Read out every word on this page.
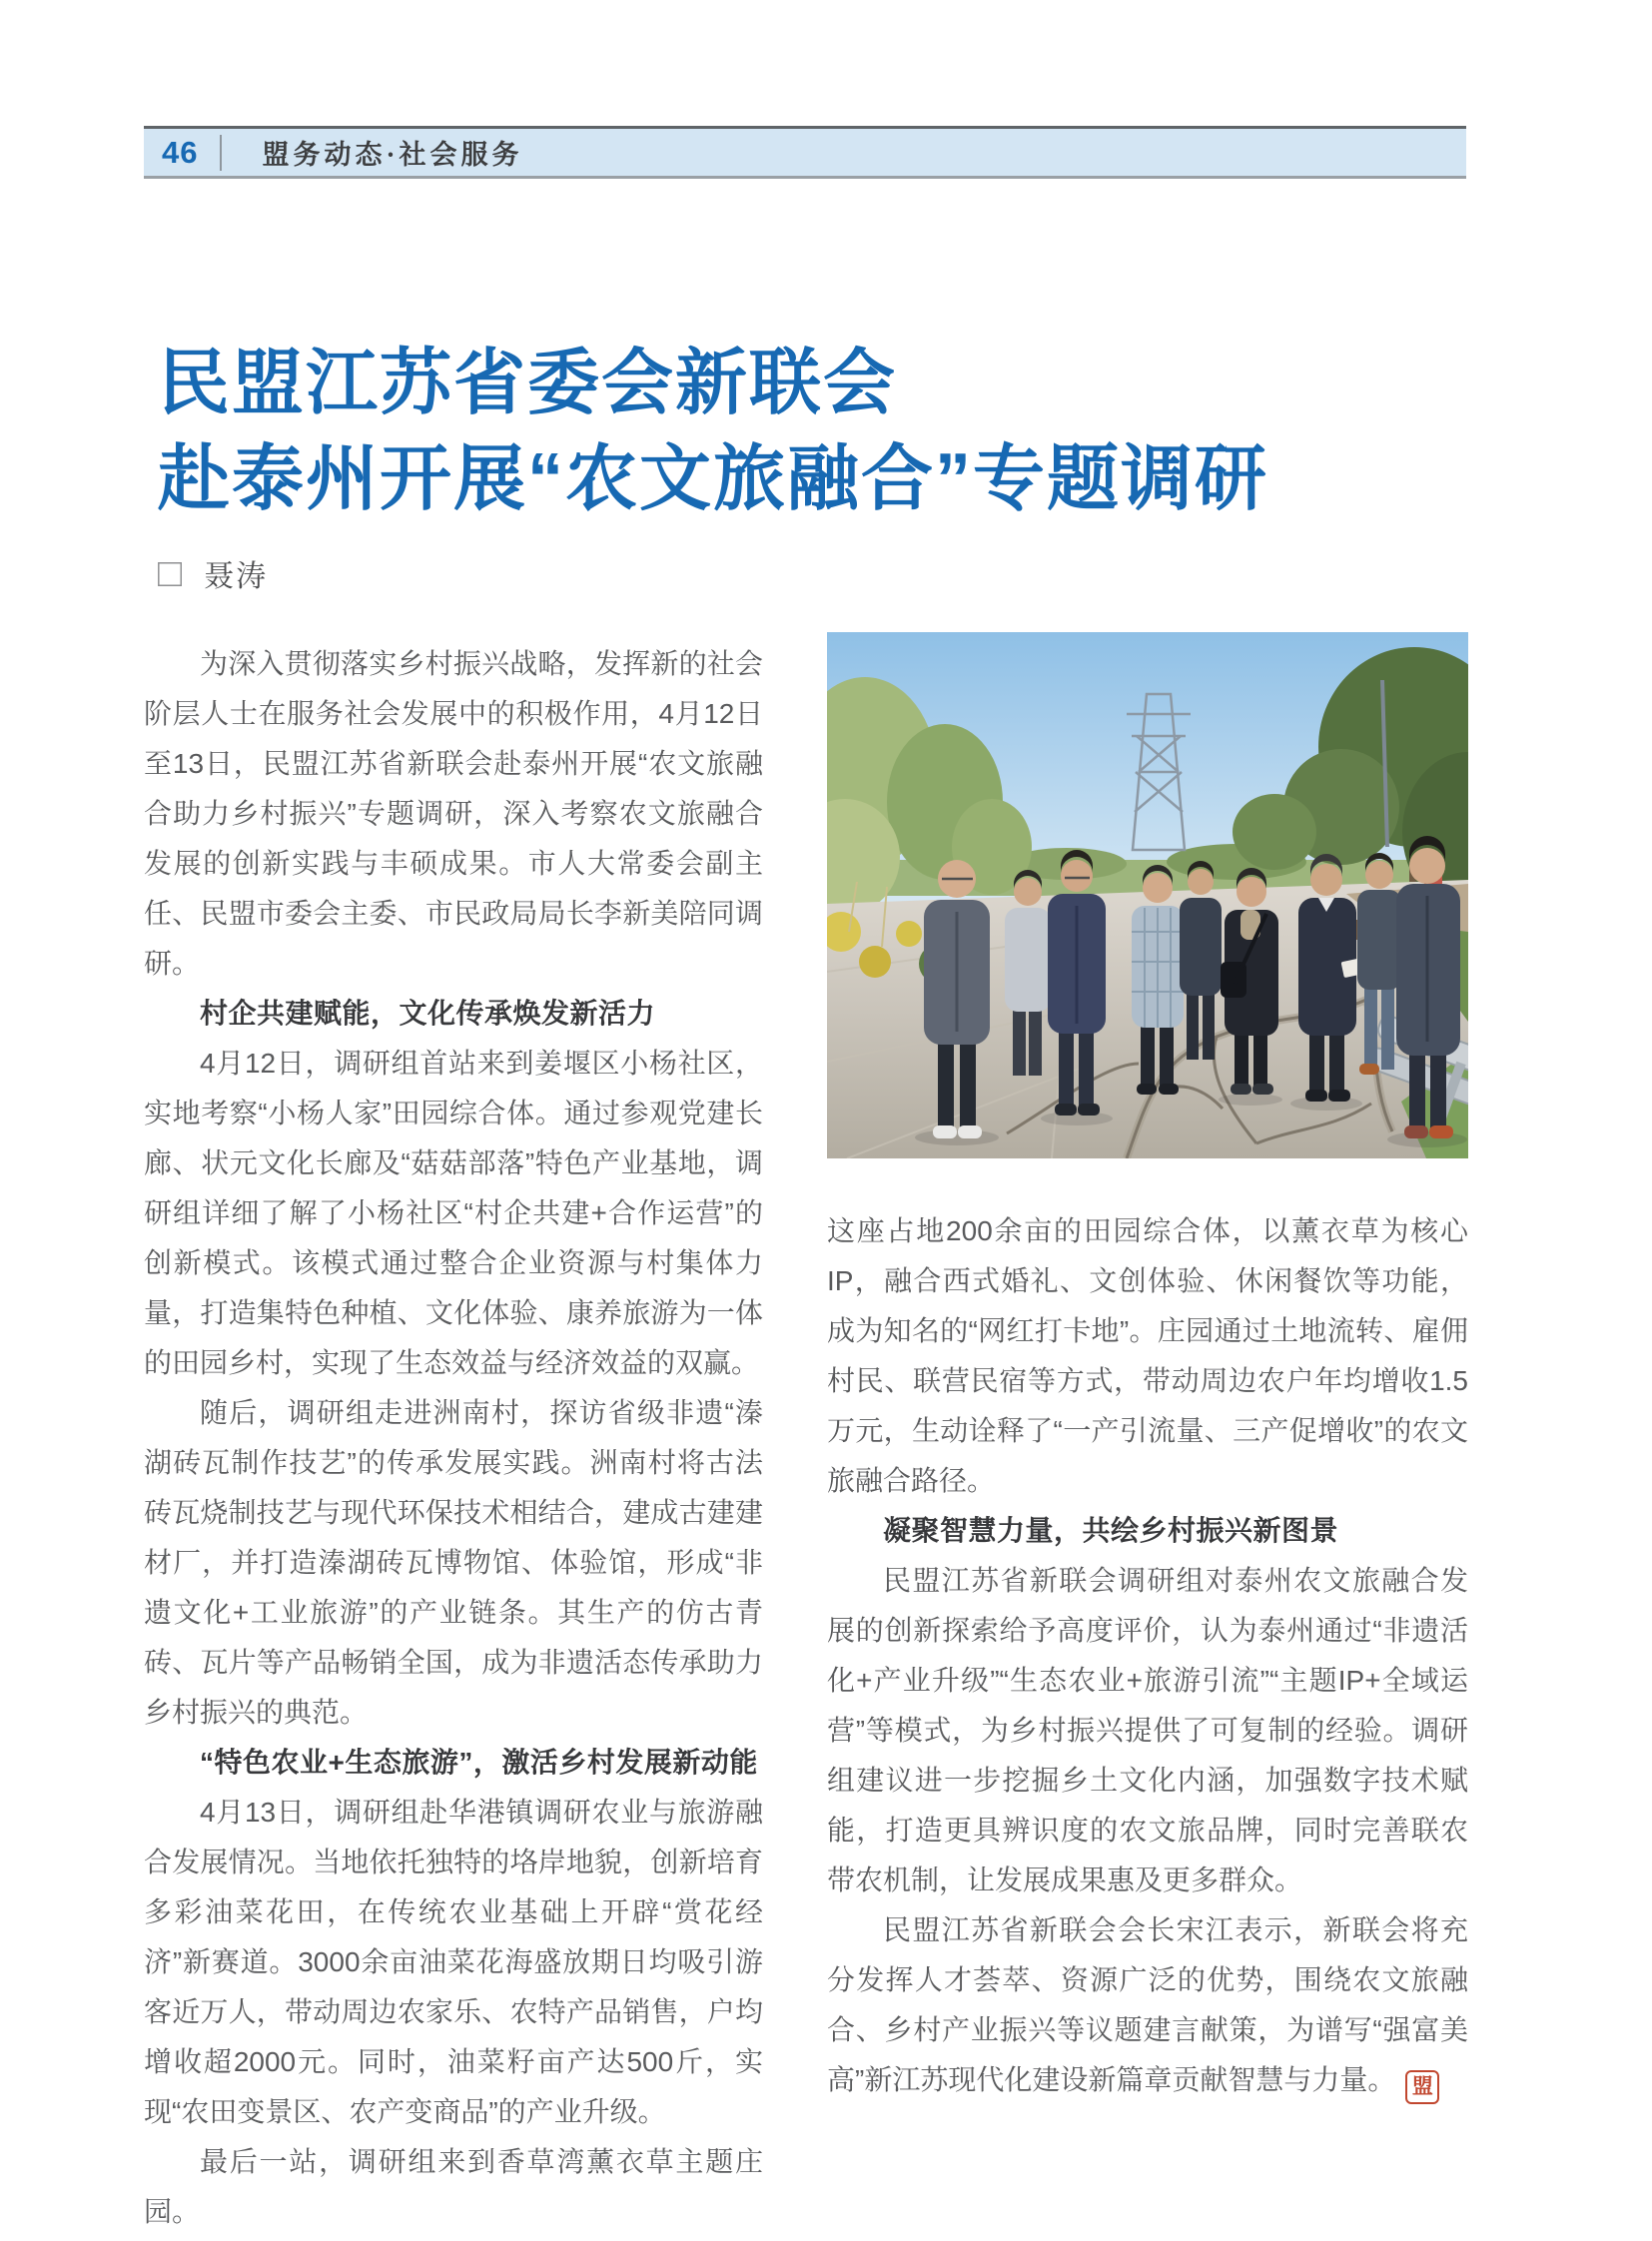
46 盟务动态·社会服务
民盟江苏省委会新联会
赴泰州开展“农文旅融合”专题调研
□ 聂涛

为深入贯彻落实乡村振兴战略，发挥新的社会阶层人士在服务社会发展中的积极作用，4月12日至13日，民盟江苏省新联会赴泰州开展“农文旅融合助力乡村振兴”专题调研，深入考察农文旅融合发展的创新实践与丰硕成果。市人大常委会副主任、民盟市委会主委、市民政局局长李新美陪同调研。

村企共建赋能，文化传承焕发新活力

4月12日，调研组首站来到姜堰区小杨社区，实地考察“小杨人家”田园综合体。通过参观党建长廊、状元文化长廊及“菇菇部落”特色产业基地，调研组详细了解了小杨社区“村企共建+合作运营”的创新模式。该模式通过整合企业资源与村集体力量，打造集特色种植、文化体验、康养旅游为一体的田园乡村，实现了生态效益与经济效益的双赢。

随后，调研组走进洲南村，探访省级非遗“溱湖砖瓦制作技艺”的传承发展实践。洲南村将古法砖瓦烧制技艺与现代环保技术相结合，建成古建建材厂，并打造溱湖砖瓦博物馆、体验馆，形成“非遗文化+工业旅游”的产业链条。其生产的仿古青砖、瓦片等产品畅销全国，成为非遗活态传承助力乡村振兴的典范。

“特色农业+生态旅游”，激活乡村发展新动能

4月13日，调研组赴华港镇调研农业与旅游融合发展情况。当地依托独特的垎岸地貌，创新培育多彩油菜花田，在传统农业基础上开辟“赏花经济”新赛道。3000余亩油菜花海盛放期日均吸引游客近万人，带动周边农家乐、农特产品销售，户均增收超2000元。同时，油菜籽亩产达500斤，实现“农田变景区、农产变商品”的产业升级。

最后一站，调研组来到香草湾薰衣草主题庄园。

这座占地200余亩的田园综合体，以薰衣草为核心IP，融合西式婚礼、文创体验、休闲餐饮等功能，成为知名的“网红打卡地”。庄园通过土地流转、雇佣村民、联营民宿等方式，带动周边农户年均增收1.5万元，生动诠释了“一产引流量、三产促增收”的农文旅融合路径。

凝聚智慧力量，共绘乡村振兴新图景

民盟江苏省新联会调研组对泰州农文旅融合发展的创新探索给予高度评价，认为泰州通过“非遗活化+产业升级”“生态农业+旅游引流”“主题IP+全域运营”等模式，为乡村振兴提供了可复制的经验。调研组建议进一步挖掘乡土文化内涵，加强数字技术赋能，打造更具辨识度的农文旅品牌，同时完善联农带农机制，让发展成果惠及更多群众。

民盟江苏省新联会会长宋江表示，新联会将充分发挥人才荟萃、资源广泛的优势，围绕农文旅融合、乡村产业振兴等议题建言献策，为谱写“强富美高”新江苏现代化建设新篇章贡献智慧与力量。 盟
